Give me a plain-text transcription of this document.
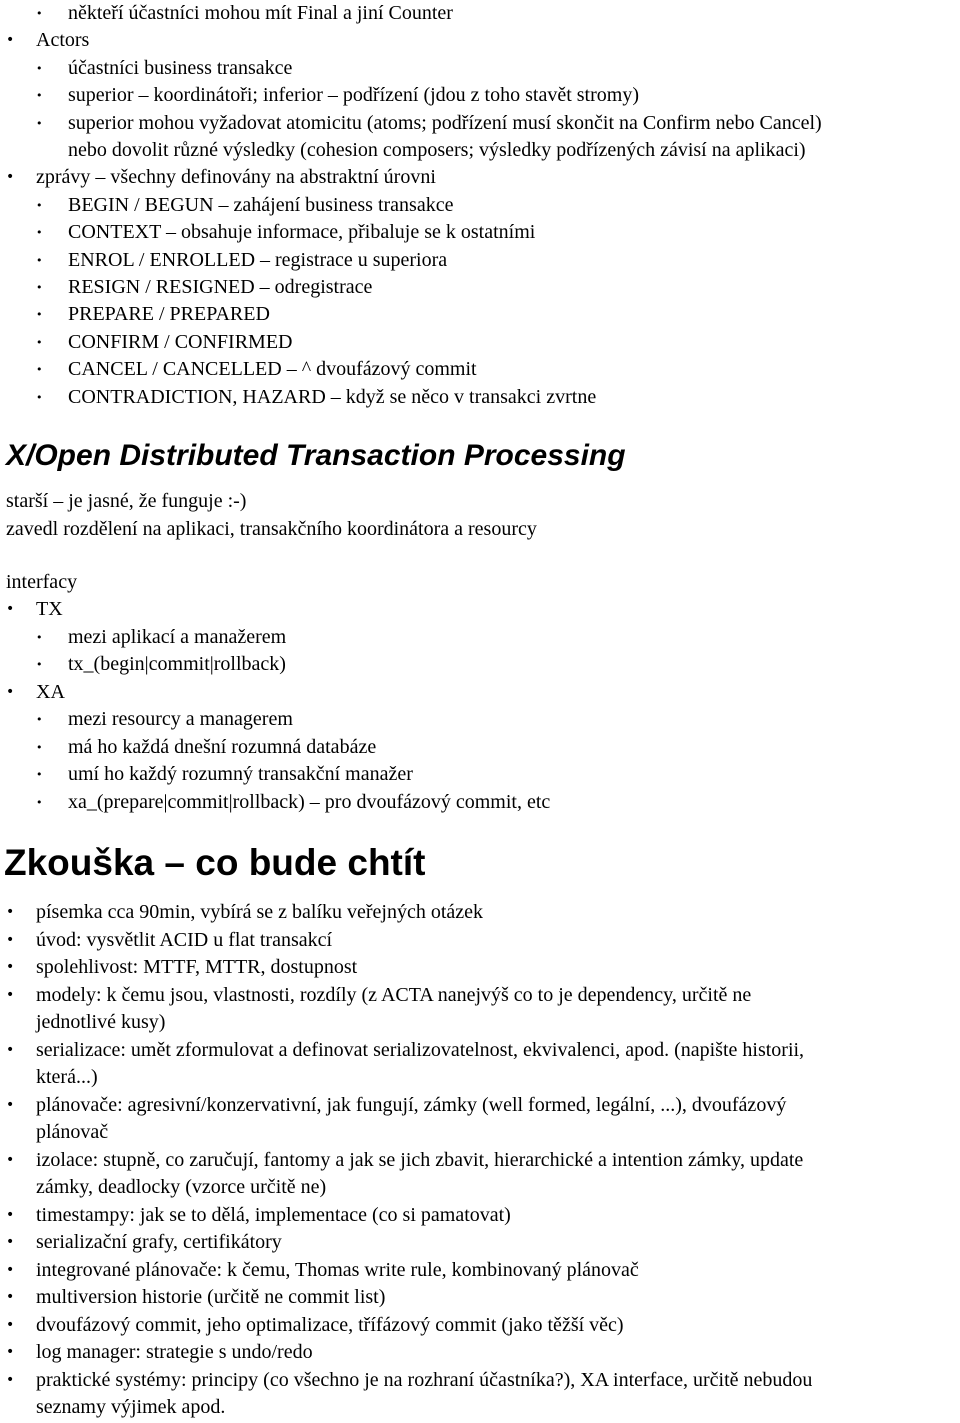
• někteří účastníci mohou mít Final a jiní Counter
• Actors
• účastníci business transakce
• superior – koordinátoři; inferior – podřízení (jdou z toho stavět stromy)
• superior mohou vyžadovat atomicitu (atoms; podřízení musí skončit na Confirm nebo Cancel)
nebo dovolit různé výsledky (cohesion composers; výsledky podřízených závisí na aplikaci)
• zprávy – všechny definovány na abstraktní úrovni
• BEGIN / BEGUN – zahájení business transakce
• CONTEXT – obsahuje informace, přibaluje se k ostatními
• ENROL / ENROLLED – registrace u superiora
• RESIGN / RESIGNED – odregistrace
• PREPARE / PREPARED
• CONFIRM / CONFIRMED
• CANCEL / CANCELLED – ^ dvoufázový commit
• CONTRADICTION, HAZARD – když se něco v transakci zvrtne
X/Open Distributed Transaction Processing
starší – je jasné, že funguje :-)
zavedl rozdělení na aplikaci, transakčního koordinátora a resourcy
interfacy
• TX
• mezi aplikací a manažerem
• tx_(begin|commit|rollback)
• XA
• mezi resourcy a managerem
• má ho každá dnešní rozumná databáze
• umí ho každý rozumný transakční manažer
• xa_(prepare|commit|rollback) – pro dvoufázový commit, etc
Zkouška – co bude chtít
• písemka cca 90min, vybírá se z balíku veřejných otázek
• úvod: vysvětlit ACID u flat transakcí
• spolehlivost: MTTF, MTTR, dostupnost
• modely: k čemu jsou, vlastnosti, rozdíly (z ACTA nanejvýš co to je dependency, určitě ne
jednotlivé kusy)
• serializace: umět zformulovat a definovat serializovatelnost, ekvivalenci, apod. (napište historii,
která...)
• plánovače: agresivní/konzervativní, jak fungují, zámky (well formed, legální, ...), dvoufázový
plánovač
• izolace: stupně, co zaručují, fantomy a jak se jich zbavit, hierarchické a intention zámky, update
zámky, deadlocky (vzorce určitě ne)
• timestampy: jak se to dělá, implementace (co si pamatovat)
• serializační grafy, certifikátory
• integrované plánovače: k čemu, Thomas write rule, kombinovaný plánovač
• multiversion historie (určitě ne commit list)
• dvoufázový commit, jeho optimalizace, třífázový commit (jako těžší věc)
• log manager: strategie s undo/redo
• praktické systémy: principy (co všechno je na rozhraní účastníka?), XA interface, určitě nebudou
seznamy výjimek apod.
